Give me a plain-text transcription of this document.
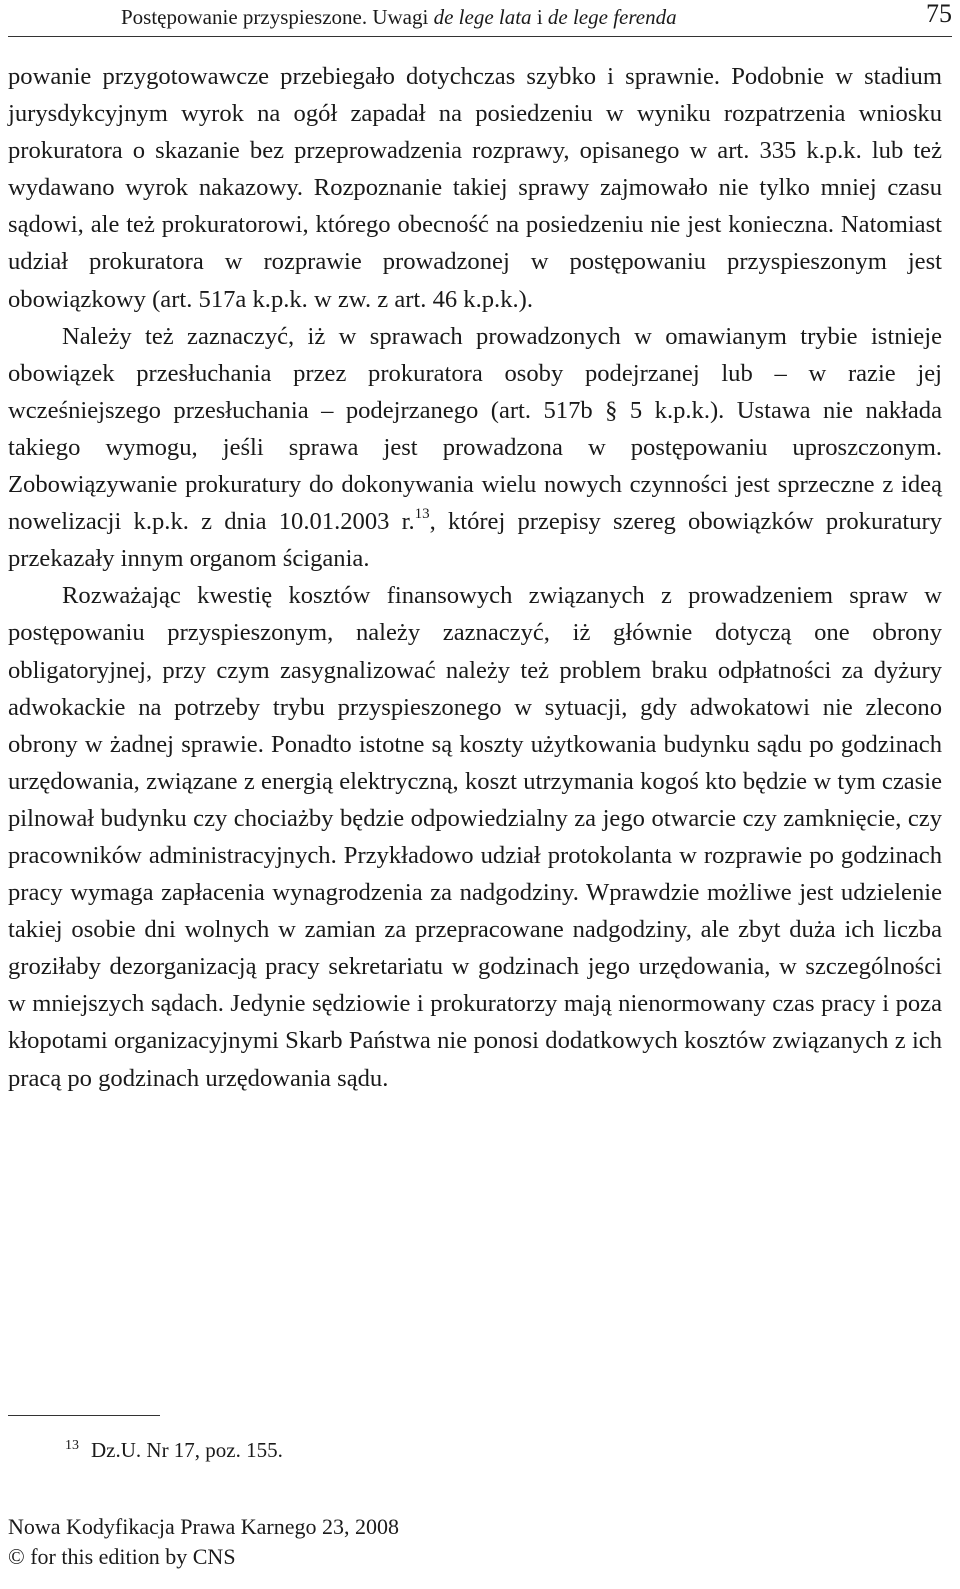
Postępowanie przyspieszone. Uwagi de lege lata i de lege ferenda	75

powanie przygotowawcze przebiegało dotychczas szybko i sprawnie. Podobnie w stadium jurysdykcyjnym wyrok na ogół zapadał na posiedzeniu w wyniku rozpatrzenia wniosku prokuratora o skazanie bez przeprowadzenia rozprawy, opisanego w art. 335 k.p.k. lub też wydawano wyrok nakazowy. Rozpoznanie takiej sprawy zajmowało nie tylko mniej czasu sądowi, ale też prokuratorowi, którego obecność na posiedzeniu nie jest konieczna. Natomiast udział prokuratora w rozprawie prowadzonej w postępowaniu przyspieszonym jest obowiązkowy (art. 517a k.p.k. w zw. z art. 46 k.p.k.).

Należy też zaznaczyć, iż w sprawach prowadzonych w omawianym trybie istnieje obowiązek przesłuchania przez prokuratora osoby podejrzanej lub – w razie jej wcześniejszego przesłuchania – podejrzanego (art. 517b § 5 k.p.k.). Ustawa nie nakłada takiego wymogu, jeśli sprawa jest prowadzona w postępowaniu uproszczonym. Zobowiązywanie prokuratury do dokonywania wielu nowych czynności jest sprzeczne z ideą nowelizacji k.p.k. z dnia 10.01.2003 r.$^{13}$, której przepisy szereg obowiązków prokuratury przekazały innym organom ścigania.

Rozważając kwestię kosztów finansowych związanych z prowadzeniem spraw w postępowaniu przyspieszonym, należy zaznaczyć, iż głównie dotyczą one obrony obligatoryjnej, przy czym zasygnalizować należy też problem braku odpłatności za dyżury adwokackie na potrzeby trybu przyspieszonego w sytuacji, gdy adwokatowi nie zlecono obrony w żadnej sprawie. Ponadto istotne są koszty użytkowania budynku sądu po godzinach urzędowania, związane z energią elektryczną, koszt utrzymania kogoś kto będzie w tym czasie pilnował budynku czy chociażby będzie odpowiedzialny za jego otwarcie czy zamknięcie, czy pracowników administracyjnych. Przykładowo udział protokolanta w rozprawie po godzinach pracy wymaga zapłacenia wynagrodzenia za nadgodziny. Wprawdzie możliwe jest udzielenie takiej osobie dni wolnych w zamian za przepracowane nadgodziny, ale zbyt duża ich liczba groziłaby dezorganizacją pracy sekretariatu w godzinach jego urzędowania, w szczególności w mniejszych sądach. Jedynie sędziowie i prokuratorzy mają nienormowany czas pracy i poza kłopotami organizacyjnymi Skarb Państwa nie ponosi dodatkowych kosztów związanych z ich pracą po godzinach urzędowania sądu.

$^{13}$ Dz.U. Nr 17, poz. 155.
Nowa Kodyfikacja Prawa Karnego 23, 2008
© for this edition by CNS
